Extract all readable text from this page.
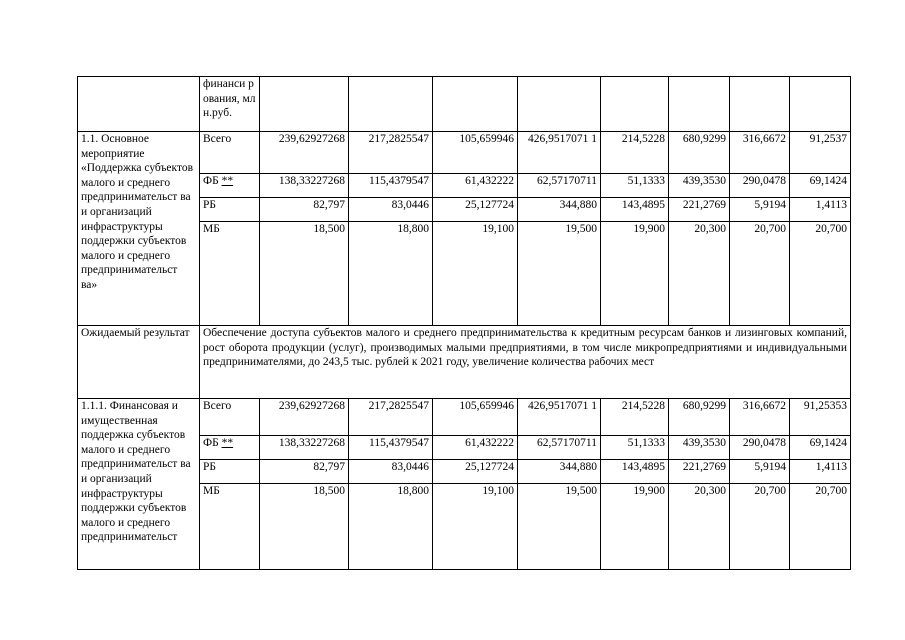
	финанси рования, млн.руб.								
1.1. Основное мероприятие «Поддержка субъектов малого и среднего предпринимательст ва и организаций инфраструктуры поддержки субъектов малого и среднего предпринимательст ва»	Всего	239,62927268	217,2825547	105,659946	426,9517071 1	214,5228	680,9299	316,6672	91,2537
	ФБ **	138,33227268	115,4379547	61,432222	62,57170711	51,1333	439,3530	290,0478	69,1424
	РБ	82,797	83,0446	25,127724	344,880	143,4895	221,2769	5,9194	1,4113
	МБ	18,500	18,800	19,100	19,500	19,900	20,300	20,700	20,700
Ожидаемый результат	Обеспечение доступа субъектов малого и среднего предпринимательства к кредитным ресурсам банков и лизинговых компаний, рост оборота продукции (услуг), производимых малыми предприятиями, в том числе микропредприятиями и индивидуальными предпринимателями, до 243,5 тыс. рублей к 2021 году, увеличение количества рабочих мест								
1.1.1. Финансовая и имущественная поддержка субъектов малого и среднего предпринимательст ва и организаций инфраструктуры поддержки субъектов малого и среднего предпринимательст	Всего	239,62927268	217,2825547	105,659946	426,9517071 1	214,5228	680,9299	316,6672	91,25353
	ФБ **	138,33227268	115,4379547	61,432222	62,57170711	51,1333	439,3530	290,0478	69,1424
	РБ	82,797	83,0446	25,127724	344,880	143,4895	221,2769	5,9194	1,4113
	МБ	18,500	18,800	19,100	19,500	19,900	20,300	20,700	20,700
